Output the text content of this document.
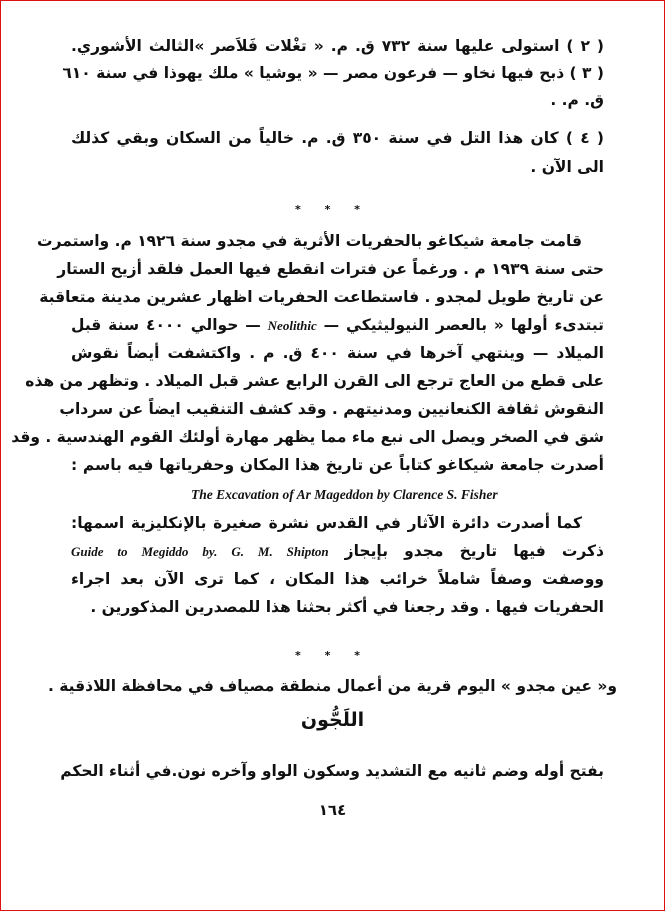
( ٢ ) استولى عليها سنة ٧٣٢ ق. م. « تغْلات فَلاَصر »الثالث الأشوري.
( ٣ ) ذبح فيها نخاو — فرعون مصر — « يوشيا » ملك يهوذا في سنة ٦١٠
ق. م. .
( ٤ ) كان هذا التل في سنة ٣٥٠ ق. م. خالياً من السكان وبقي كذلك
الى الآن .
* * *
قامت جامعة شيكاغو بالحفريات الأثرية في مجدو سنة ١٩٢٦ م. واستمرت
حتى سنة ١٩٣٩ م . ورغماً عن فترات انقطع فيها العمل فلقد أزيح الستار
عن تاريخ طويل لمجدو . فاستطاعت الحفريات اظهار عشرين مدينة متعاقبة
تبتدىء أولها « بالعصر النيوليثيكي — Neolithic — حوالي ٤٠٠٠ سنة قبل
الميلاد — وينتهي آخرها في سنة ٤٠٠ ق. م . واكتشفت أيضاً نقوش
على قطع من العاج ترجع الى القرن الرابع عشر قبل الميلاد . وتظهر من هذه
النقوش ثقافة الكنعانيين ومدنيتهم . وقد كشف التنقيب ايضاً عن سرداب
شق في الصخر ويصل الى نبع ماء مما يظهر مهارة أولئك القوم الهندسية . وقد
أصدرت جامعة شيكاغو كتاباً عن تاريخ هذا المكان وحفرياتها فيه باسم :
The Excavation of Ar Mageddon by Clarence S. Fisher
كما أصدرت دائرة الآثار في القدس نشرة صغيرة بالإنكليزية اسمها:
ذكرت فيها تاريخ مجدو بإيجاز Guide to Megiddo by. G. M. Shipton
ووصفت وصفاً شاملاً خرائب هذا المكان ، كما ترى الآن بعد اجراء
الحفريات فيها . وقد رجعنا في أكثر بحثنا هذا للمصدرين المذكورين .
* * *
و« عين مجدو » اليوم قرية من أعمال منطقة مصياف في محافظة اللاذقية .
اللَجُّون
بفتح أوله وضم ثانيه مع التشديد وسكون الواو وآخره نون.في أثناء الحكم
١٦٤
